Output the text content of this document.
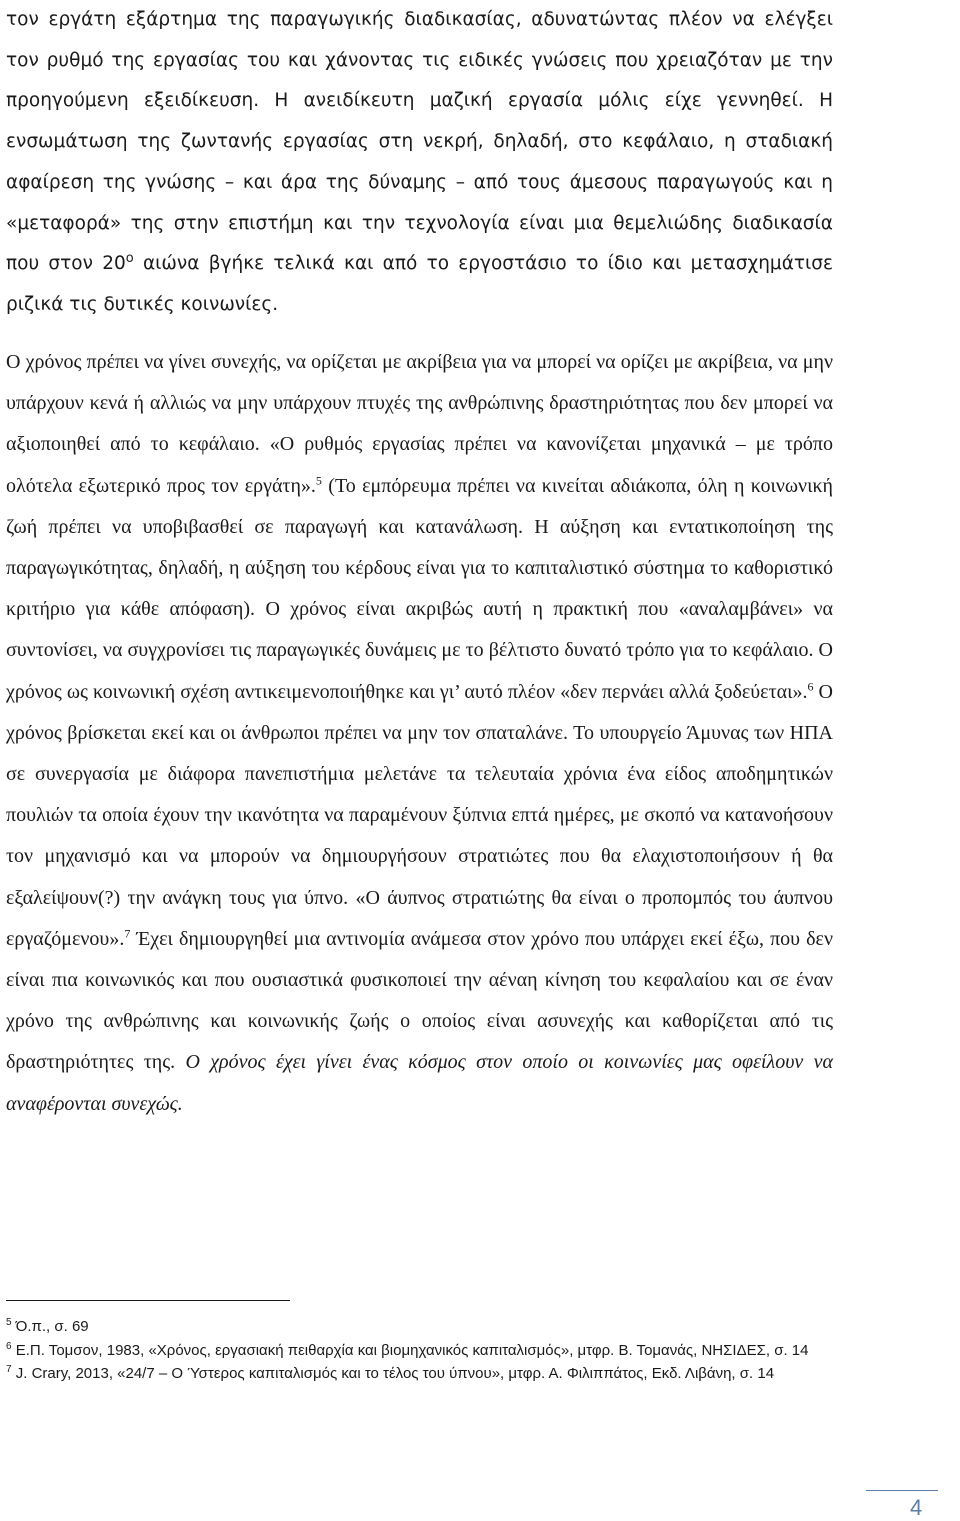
τον εργάτη εξάρτημα της παραγωγικής διαδικασίας, αδυνατώντας πλέον να ελέγξει τον ρυθμό της εργασίας του και χάνοντας τις ειδικές γνώσεις που χρειαζόταν με την προηγούμενη εξειδίκευση. Η ανειδίκευτη μαζική εργασία μόλις είχε γεννηθεί. Η ενσωμάτωση της ζωντανής εργασίας στη νεκρή, δηλαδή, στο κεφάλαιο, η σταδιακή αφαίρεση της γνώσης – και άρα της δύναμης – από τους άμεσους παραγωγούς και η «μεταφορά» της στην επιστήμη και την τεχνολογία είναι μια θεμελιώδης διαδικασία που στον $20^o$ αιώνα βγήκε τελικά και από το εργοστάσιο το ίδιο και μετασχημάτισε ριζικά τις δυτικές κοινωνίες.

Ο χρόνος πρέπει να γίνει συνεχής, να ορίζεται με ακρίβεια για να μπορεί να ορίζει με ακρίβεια, να μην υπάρχουν κενά ή αλλιώς να μην υπάρχουν πτυχές της ανθρώπινης δραστηριότητας που δεν μπορεί να αξιοποιηθεί από το κεφάλαιο. «Ο ρυθμός εργασίας πρέπει να κανονίζεται μηχανικά – με τρόπο ολότελα εξωτερικό προς τον εργάτη».$^5$ (Το εμπόρευμα πρέπει να κινείται αδιάκοπα, όλη η κοινωνική ζωή πρέπει να υποβιβασθεί σε παραγωγή και κατανάλωση. Η αύξηση και εντατικοποίηση της παραγωγικότητας, δηλαδή, η αύξηση του κέρδους είναι για το καπιταλιστικό σύστημα το καθοριστικό κριτήριο για κάθε απόφαση). Ο χρόνος είναι ακριβώς αυτή η πρακτική που «αναλαμβάνει» να συντονίσει, να συγχρονίσει τις παραγωγικές δυνάμεις με το βέλτιστο δυνατό τρόπο για το κεφάλαιο. Ο χρόνος ως κοινωνική σχέση αντικειμενοποιήθηκε και γι’ αυτό πλέον «δεν περνάει αλλά ξοδεύεται».$^6$ Ο χρόνος βρίσκεται εκεί και οι άνθρωποι πρέπει να μην τον σπαταλάνε. Το υπουργείο Άμυνας των ΗΠΑ σε συνεργασία με διάφορα πανεπιστήμια μελετάνε τα τελευταία χρόνια ένα είδος αποδημητικών πουλιών τα οποία έχουν την ικανότητα να παραμένουν ξύπνια επτά ημέρες, με σκοπό να κατανοήσουν τον μηχανισμό και να μπορούν να δημιουργήσουν στρατιώτες που θα ελαχιστοποιήσουν ή θα εξαλείψουν(?) την ανάγκη τους για ύπνο. «Ο άυπνος στρατιώτης θα είναι ο προπομπός του άυπνου εργαζόμενου».$^7$ Έχει δημιουργηθεί μια αντινομία ανάμεσα στον χρόνο που υπάρχει εκεί έξω, που δεν είναι πια κοινωνικός και που ουσιαστικά φυσικοποιεί την αέναη κίνηση του κεφαλαίου και σε έναν χρόνο της ανθρώπινης και κοινωνικής ζωής ο οποίος είναι ασυνεχής και καθορίζεται από τις δραστηριότητες της. Ο χρόνος έχει γίνει ένας κόσμος στον οποίο οι κοινωνίες μας οφείλουν να αναφέρονται συνεχώς.

$^5$ Ό.π., σ. 69

$^6$ Ε.Π. Τομσον, 1983, «Χρόνος, εργασιακή πειθαρχία και βιομηχανικός καπιταλισμός», μτφρ. Β. Τομανάς, ΝΗΣΙΔΕΣ, σ. 14

$^7$ J. Crary, 2013, «24/7 – Ο Ύστερος καπιταλισμός και το τέλος του ύπνου», μτφρ. Α. Φιλιππάτος, Εκδ. Λιβάνη, σ. 14

4
